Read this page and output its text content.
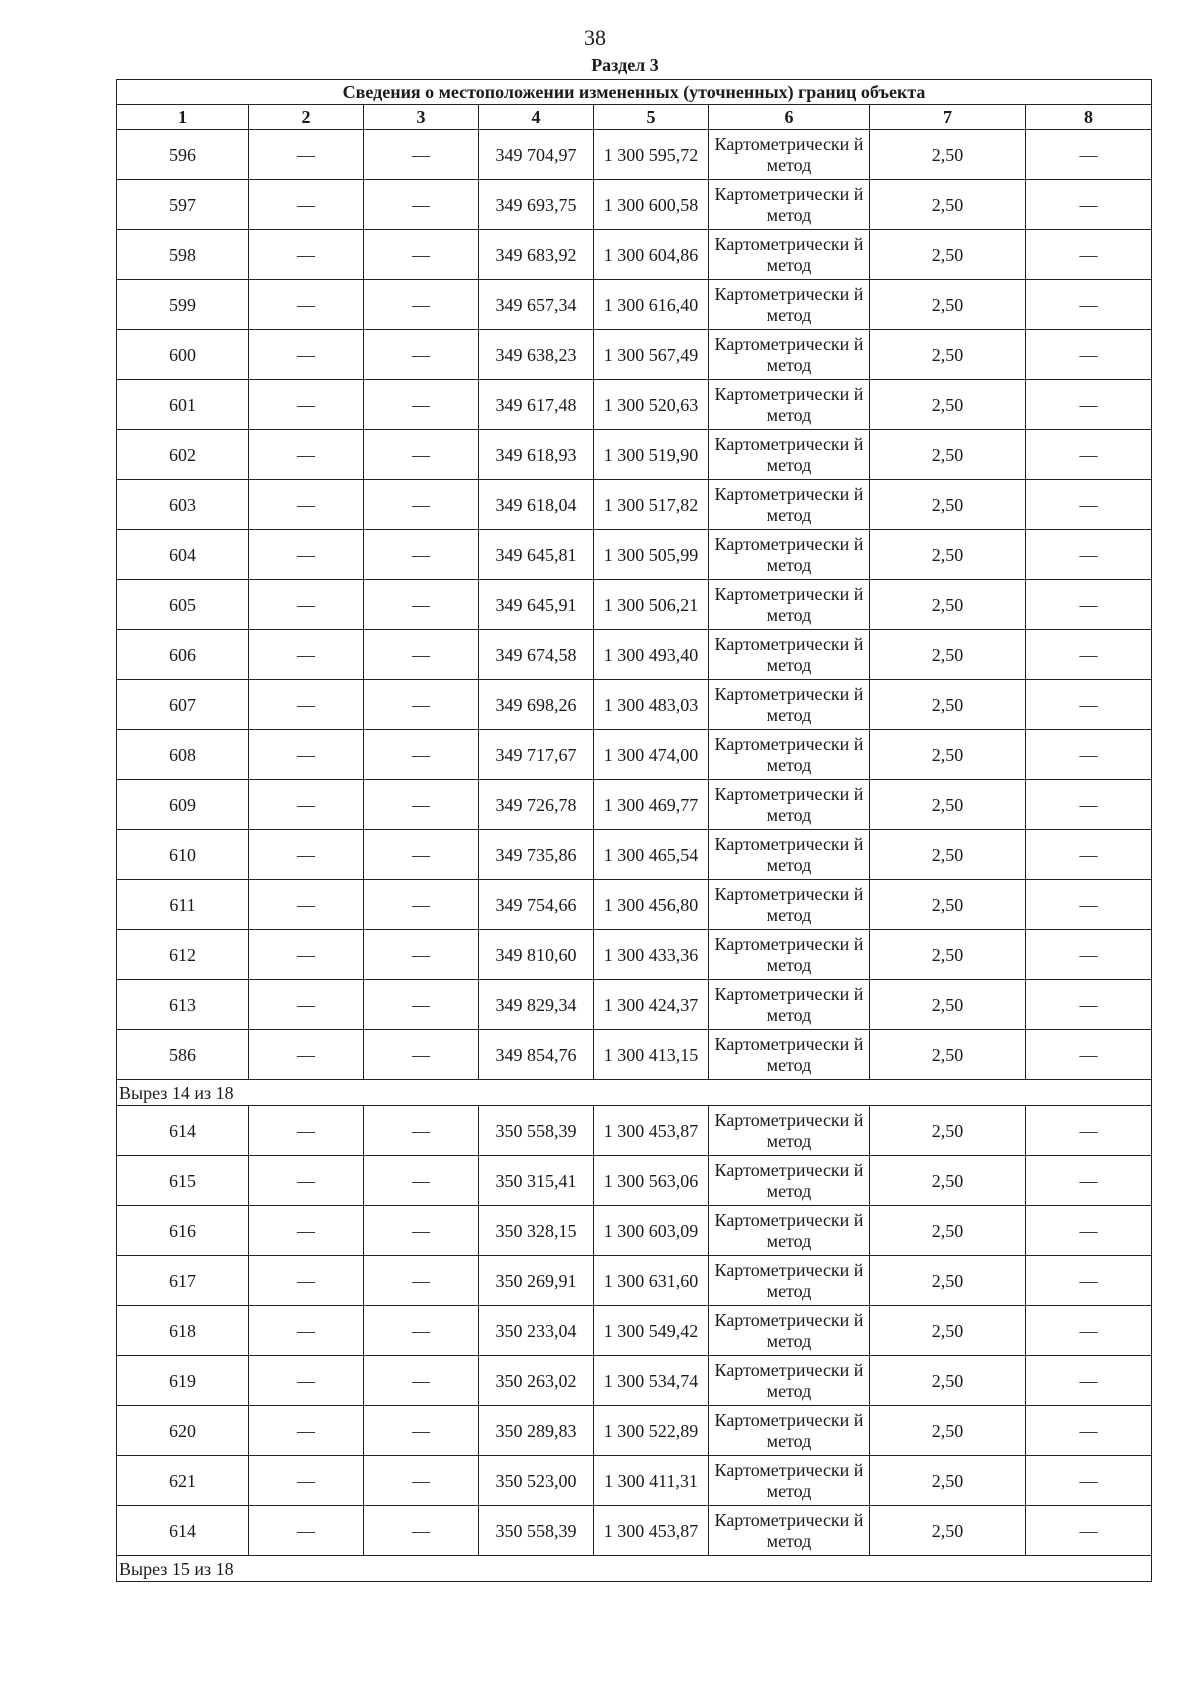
38
Раздел 3
Сведения о местоположении измененных (уточненных) границ объекта							
1	2	3	4	5	6	7	8
596	—	—	349 704,97	1 300 595,72	Картометрически й метод	2,50	—
597	—	—	349 693,75	1 300 600,58	Картометрически й метод	2,50	—
598	—	—	349 683,92	1 300 604,86	Картометрически й метод	2,50	—
599	—	—	349 657,34	1 300 616,40	Картометрически й метод	2,50	—
600	—	—	349 638,23	1 300 567,49	Картометрически й метод	2,50	—
601	—	—	349 617,48	1 300 520,63	Картометрически й метод	2,50	—
602	—	—	349 618,93	1 300 519,90	Картометрически й метод	2,50	—
603	—	—	349 618,04	1 300 517,82	Картометрически й метод	2,50	—
604	—	—	349 645,81	1 300 505,99	Картометрически й метод	2,50	—
605	—	—	349 645,91	1 300 506,21	Картометрически й метод	2,50	—
606	—	—	349 674,58	1 300 493,40	Картометрически й метод	2,50	—
607	—	—	349 698,26	1 300 483,03	Картометрически й метод	2,50	—
608	—	—	349 717,67	1 300 474,00	Картометрически й метод	2,50	—
609	—	—	349 726,78	1 300 469,77	Картометрически й метод	2,50	—
610	—	—	349 735,86	1 300 465,54	Картометрически й метод	2,50	—
611	—	—	349 754,66	1 300 456,80	Картометрически й метод	2,50	—
612	—	—	349 810,60	1 300 433,36	Картометрически й метод	2,50	—
613	—	—	349 829,34	1 300 424,37	Картометрически й метод	2,50	—
586	—	—	349 854,76	1 300 413,15	Картометрически й метод	2,50	—
Вырез 14 из 18							
614	—	—	350 558,39	1 300 453,87	Картометрически й метод	2,50	—
615	—	—	350 315,41	1 300 563,06	Картометрически й метод	2,50	—
616	—	—	350 328,15	1 300 603,09	Картометрически й метод	2,50	—
617	—	—	350 269,91	1 300 631,60	Картометрически й метод	2,50	—
618	—	—	350 233,04	1 300 549,42	Картометрически й метод	2,50	—
619	—	—	350 263,02	1 300 534,74	Картометрически й метод	2,50	—
620	—	—	350 289,83	1 300 522,89	Картометрически й метод	2,50	—
621	—	—	350 523,00	1 300 411,31	Картометрически й метод	2,50	—
614	—	—	350 558,39	1 300 453,87	Картометрически й метод	2,50	—
Вырез 15 из 18							
